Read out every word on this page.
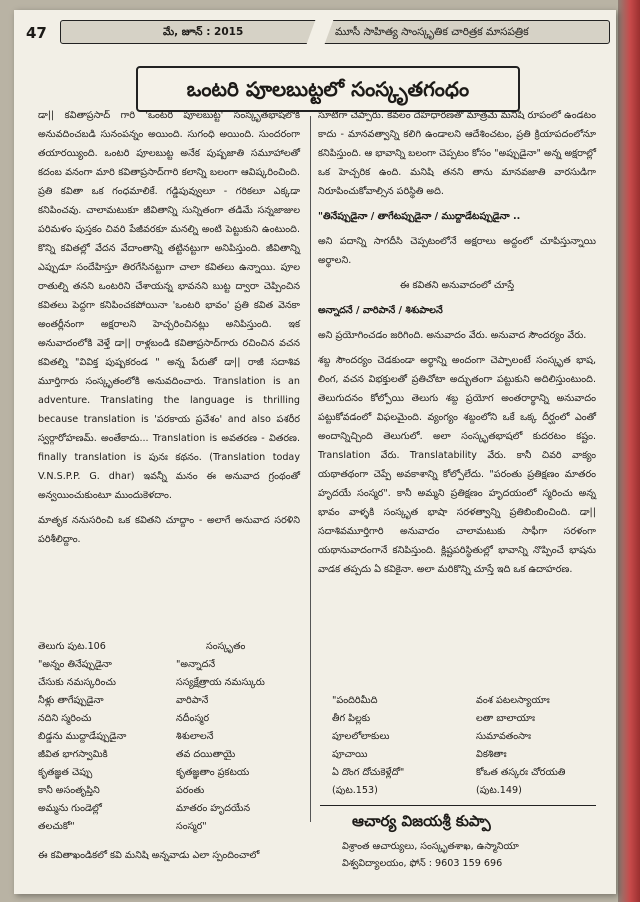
47	మే, జూన్ : 2015	మూసీ సాహిత్య సాంస్కృతిక చారిత్రక మాసపత్రిక
ఒంటరి పూలబుట్టలో సంస్కృతగంధం

డా|| కవితాప్రసాద్ గారి 'ఒంటరి పూలబుట్ట' సంస్కృతభాషలోకి అనువదించబడి సునంపన్నం అయింది. సుగంధి అయింది. సుందరంగా తయారయ్యింది. ఒంటరి పూలబుట్ట అనేక పుష్పజాతి సమూహాలతో కదంబ వనంగా మారి కవితాప్రసాద్‌గారి కలాన్ని బలంగా ఆవిష్కరించింది. ప్రతి కవితా ఒక గంధమాలికే. గడ్డిపువ్వులూ - గరికలూ ఎక్కడా కనిపించవు. చాలామటుకూ జీవితాన్ని సున్నితంగా తడిమే సన్నజాజుల పరిమళం పుస్తకం చివరి పేజీవరకూ మనల్ని అంటి పెట్టుకుని ఉంటుంది. కొన్ని కవితల్లో వేదన వేదాంతాన్ని తట్టినట్టుగా అనిపిస్తుంది. జీవితాన్ని ఎప్పుడూ సందేహిస్తూ తిరగేసినట్టుగా చాలా కవితలు ఉన్నాయి. పూల రాతుల్ని తనని ఒంటరిని చేశాయన్న భావనని బుట్ట ద్వారా చెప్పించిన కవితలు పెద్దగా కనిపించకపోయినా 'ఒంటరి భావం' ప్రతి కవిత వెనకా అంతర్లీనంగా అక్షరాలని హెచ్చరించినట్లు అనిపిస్తుంది. ఇక అనువాదంలోకి వెళ్తే డా|| రాళ్లబండి కవితాప్రసాద్‌గారు రచించిన వచన కవితల్ని "వివిక్త పుష్పకరండ " అన్న పేరుతో డా|| రాజీ సదాశివ మూర్తిగారు సంస్కృతంలోకి అనువదించారు. Translation is an adventure. Translating the language is thrilling because translation is 'పరకాయ ప్రవేశం' and also పశరీర స్వర్గారోహణమ్. అంతేకాదు... Translation is అవతరణ - వితరణ. finally translation is పునః కథనం. (Translation today V.N.S.P.P. G. dhar) ఇవన్నీ మనం ఈ అనువాద గ్రంథంతో అన్వయించుకుంటూ ముందుకెళదాం.

మాతృక ననుసరించి ఒక కవితని చూద్దాం - అలాగే అనువాద సరళిని పరిశీలిద్దాం.

తెలుగు పుట.106
"అన్నం తినేప్పుడైనా
చేసుకు నమస్కరించు
నీళ్లు తాగేప్పుడైనా
నదిని స్మరించు
బిడ్డను ముద్దాడేప్పుడైనా
జీవిత భాగస్వామికి
కృతజ్ఞత చెప్పు
కానీ అసంతృప్తిని
అమ్మను గుండెల్లో
తలచుకో"
సంస్కృతం
"అన్నాదనే
సస్యక్షేత్రాయ నమస్కురు
వారిపానే
నదీంస్మర
శిశులాలనే
తవ దయితాయై
కృతజ్ఞతాం ప్రకటయ
పరంతు
మాతరం హృదయేన
సంస్మర"

ఈ కవితాఖండికలో కవి మనిషి అన్నవాడు ఎలా స్పందించాలో

సూటిగా చెప్పారు. కేవలం దేహధారణతో మాత్రమే మనిషి రూపంలో ఉండటం కాదు - మానవత్వాన్ని కలిగి ఉండాలని ఆదేశించటం, ప్రతి క్రియాపదంలోనూ కనిపిస్తుంది. ఆ భావాన్ని బలంగా చెప్పటం కోసం "అప్పుడైనా" అన్న అక్షరాల్లో ఒక హెచ్చరిక ఉంది. మనిషి తనని తాను మానవజాతి వారసుడిగా నిరూపించుకోవాల్సిన పరిస్థితి అది.

"తినేప్పుడైనా / తాగేటప్పుడైనా / ముద్దాడేటప్పుడైనా ..

అని పదాన్ని సాగదీసి చెప్పటంలోనే అక్షరాలు అద్దంలో చూపిస్తున్నాయి అర్థాలని.

ఈ కవితని అనువాదంలో చూస్తే

అన్నాదనే / వారిపానే / శిశుపాలనే

అని ప్రయోగించడం జరిగింది. అనువాదం వేరు. అనువాద సౌందర్యం వేరు.

శబ్ద సౌందర్యం చెడకుండా అర్థాన్ని అందంగా చెప్పాలంటే సంస్కృత భాష, లింగ, వచన విభక్తులతో ప్రతిచోటా అద్భుతంగా పట్టుకుని అదిలిస్తుంటుంది. తెలుగుదనం కోల్పోయి తెలుగు శబ్ద ప్రయోగ అంతరార్థాన్ని అనువాదం పట్టుకోవడంలో విఫలమైంది. వ్యంగ్యం శబ్దంలోని ఒకే ఒక్క దీర్ఘంలో ఎంతో అందాన్నిచ్చింది తెలుగులో. అలా సంస్కృతభాషలో కుదరటం కష్టం. Translation వేరు. Translatability వేరు. కానీ చివరి వాక్యం యథాతథంగా చెప్పే అవకాశాన్ని కోల్పోలేదు. "పరంతు ప్రతిక్షణం మాతరం హృదయే సంస్మర". కానీ అమ్మని ప్రతిక్షణం హృదయంలో స్మరించు అన్న భావం వాళ్ళకి సంస్కృత భాషా సరళత్వాన్ని ప్రతిబింబించింది. డా|| సదాశివమూర్తిగారి అనువాదం చాలామటుకు సాఫీగా సరళంగా యథానువాదంగానే కనిపిస్తుంది. క్లిష్టపరిస్థితుల్లో భావాన్ని నొప్పించే భాషను వాడక తప్పదు ఏ కవికైనా. అలా మరికొన్ని చూస్తే ఇది ఒక ఉదాహరణ.

"పందిరిమీది
తీగ పిల్లకు
పూలలోలాకులు
పూచాయి
ఏ దొంగ దోచుకెళ్లేదో"
(పుట.153)
వంశ పటలస్యాయాః
లతా బాలాయాః
సుమావతంసాః
వికశితాః
కోఒత తస్కరః చోరయతి
(పుట.149)
ఆచార్య విజయశ్రీ కుప్పా
విశ్రాంత ఆచార్యులు, సంస్కృతశాఖ, ఉస్మానియా
విశ్వవిద్యాలయం, ఫోన్ : 9603 159 696
